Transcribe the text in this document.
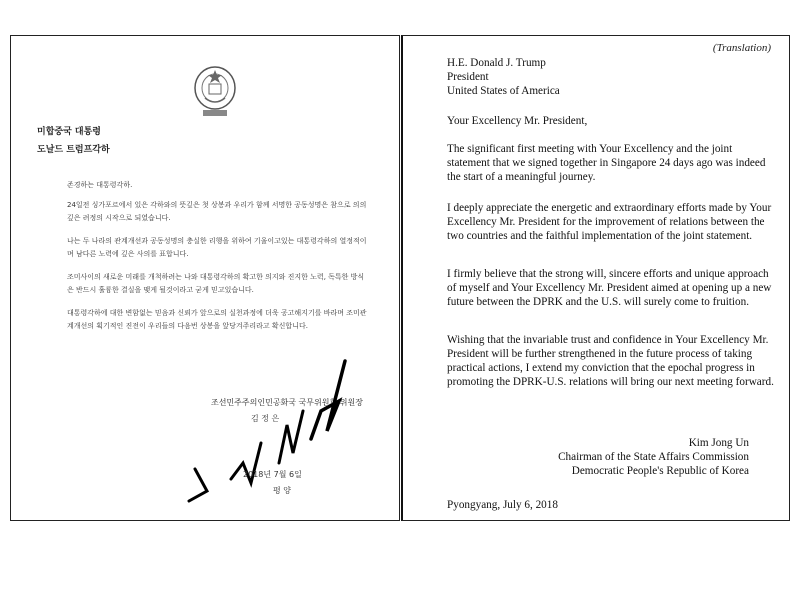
미합중국 대통령
도날드 트럼프각하
존경하는 대통령각하.
24일전 싱가포르에서 있은 각하와의 뜻깊은 첫 상봉과 우리가 함께 서명한 공동성명은 참으로 의의깊은 려정의 시작으로 되였습니다.
나는 두 나라의 관계개선과 공동성명의 충실한 리행을 위하여 기울이고있는 대통령각하의 열정적이며 남다른 노력에 깊은 사의를 표합니다.
조미사이의 새로운 미래를 개척하려는 나와 대통령각하의 확고한 의지와 진지한 노력, 독특한 방식은 반드시 훌륭한 결실을 맺게 될것이라고 굳게 믿고있습니다.
대통령각하에 대한 변함없는 믿음과 신뢰가 앞으로의 실천과정에 더욱 공고해지기를 바라며 조미관계개선의 획기적인 진전이 우리들의 다음번 상봉을 앞당겨주리라고 확신합니다.
조선민주주의인민공화국 국무위원회 위원장
김 정 은
2018년 7월 6일
평 양
(Translation)

H.E. Donald J. Trump

President

United States of America

Your Excellency Mr. President,
The significant first meeting with Your Excellency and the joint statement that we signed together in Singapore 24 days ago was indeed the start of a meaningful journey.
I deeply appreciate the energetic and extraordinary efforts made by Your Excellency Mr. President for the improvement of relations between the two countries and the faithful implementation of the joint statement.
I firmly believe that the strong will, sincere efforts and unique approach of myself and Your Excellency Mr. President aimed at opening up a new future between the DPRK and the U.S. will surely come to fruition.
Wishing that the invariable trust and confidence in Your Excellency Mr. President will be further strengthened in the future process of taking practical actions, I extend my conviction that the epochal progress in promoting the DPRK-U.S. relations will bring our next meeting forward.

Kim Jong Un

Chairman of the State Affairs Commission

Democratic People's Republic of Korea

Pyongyang, July 6, 2018
